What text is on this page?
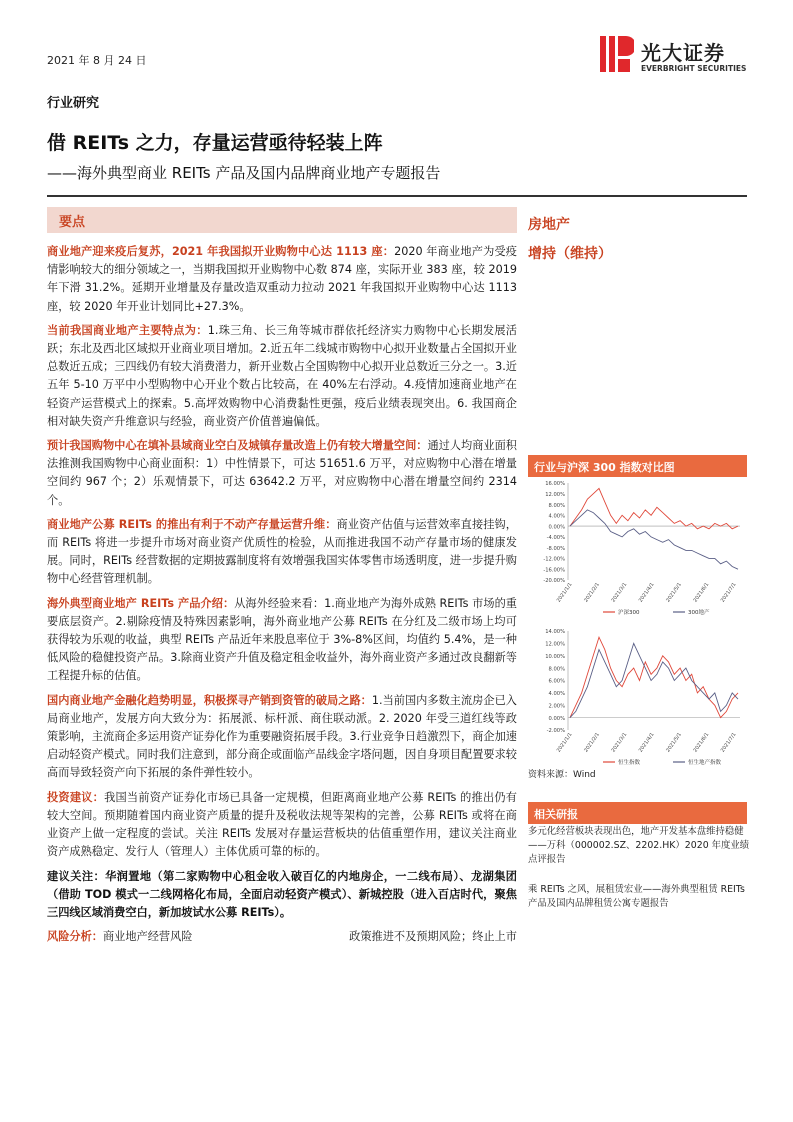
2021 年 8 月 24 日	光大证券
EVERBRIGHT SECURITIES
行业研究
借 REITs 之力，存量运营亟待轻装上阵
——海外典型商业 REITs 产品及国内品牌商业地产专题报告
要点

商业地产迎来疫后复苏，2021 年我国拟开业购物中心达 1113 座：2020 年商业地产为受疫情影响较大的细分领域之一，当期我国拟开业购物中心数 874 座，实际开业 383 座，较 2019 年下滑 31.2%。延期开业增量及存量改造双重动力拉动 2021 年我国拟开业购物中心达 1113 座，较 2020 年开业计划同比+27.3%。

当前我国商业地产主要特点为：1.珠三角、长三角等城市群依托经济实力购物中心长期发展活跃；东北及西北区域拟开业商业项目增加。2.近五年二线城市购物中心拟开业数量占全国拟开业总数近五成；三四线仍有较大消费潜力，新开业数占全国购物中心拟开业总数近三分之一。3.近五年 5-10 万平中小型购物中心开业个数占比较高，在 40%左右浮动。4.疫情加速商业地产在轻资产运营模式上的探索。5.高坪效购物中心消费黏性更强，疫后业绩表现突出。6. 我国商企相对缺失资产升维意识与经验，商业资产价值普遍偏低。

预计我国购物中心在填补县域商业空白及城镇存量改造上仍有较大增量空间：通过人均商业面积法推测我国购物中心商业面积：1）中性情景下，可达 51651.6 万平，对应购物中心潜在增量空间约 967 个；2）乐观情景下，可达 63642.2 万平，对应购物中心潜在增量空间约 2314 个。

商业地产公募 REITs 的推出有利于不动产存量运营升维：商业资产估值与运营效率直接挂钩，而 REITs 将进一步提升市场对商业资产优质性的检验，从而推进我国不动产存量市场的健康发展。同时，REITs 经营数据的定期披露制度将有效增强我国实体零售市场透明度，进一步提升购物中心经营管理机制。

海外典型商业地产 REITs 产品介绍：从海外经验来看：1.商业地产为海外成熟 REITs 市场的重要底层资产。2.剔除疫情及特殊因素影响，海外商业地产公募 REITs 在分红及二级市场上均可获得较为乐观的收益，典型 REITs 产品近年来股息率位于 3%-8%区间，均值约 5.4%，是一种低风险的稳健投资产品。3.除商业资产升值及稳定租金收益外，海外商业资产多通过改良翻新等工程提升标的估值。

国内商业地产金融化趋势明显，积极探寻产销到资管的破局之路：1.当前国内多数主流房企已入局商业地产，发展方向大致分为：拓展派、标杆派、商住联动派。2. 2020 年受三道红线等政策影响，主流商企多运用资产证券化作为重要融资拓展手段。3.行业竞争日趋激烈下，商企加速启动轻资产模式。同时我们注意到，部分商企或面临产品线金字塔问题，因自身项目配置要求较高而导致轻资产向下拓展的条件弹性较小。

投资建议：我国当前资产证券化市场已具备一定规模，但距离商业地产公募 REITs 的推出仍有较大空间。预期随着国内商业资产质量的提升及税收法规等架构的完善，公募 REITs 或将在商业资产上做一定程度的尝试。关注 REITs 发展对存量运营板块的估值重塑作用，建议关注商业资产成熟稳定、发行人（管理人）主体优质可靠的标的。

建议关注：华润置地（第二家购物中心租金收入破百亿的内地房企，一二线布局）、龙湖集团（借助 TOD 模式一二线网格化布局，全面启动轻资产模式）、新城控股（进入百店时代，聚焦三四线区域消费空白，新加坡试水公募 REITs）。

风险分析：商业地产经营风险	政策推进不及预期风险；终止上市
房地产
增持（维持）
行业与沪深 300 指数对比图
16.00%
12.00%
8.00%
4.00%
0.00%
-4.00%
-8.00%
-12.00%
-16.00%
-20.00%
2021/1/1 2021/2/1 2021/3/1 2021/4/1 2021/5/1 2021/6/1 2021/7/1
沪深300	300地产
14.00%
12.00%
10.00%
8.00%
6.00%
4.00%
2.00%
0.00%
-2.00%
2021/1/1 2021/2/1 2021/3/1 2021/4/1 2021/5/1 2021/6/1 2021/7/1
恒生指数	恒生地产指数
资料来源：Wind
相关研报
多元化经营板块表现出色，地产开发基本盘维持稳健——万科（000002.SZ、2202.HK）2020 年度业绩点评报告
乘 REITs 之风，展租赁宏业——海外典型租赁 REITs 产品及国内品牌租赁公寓专题报告
